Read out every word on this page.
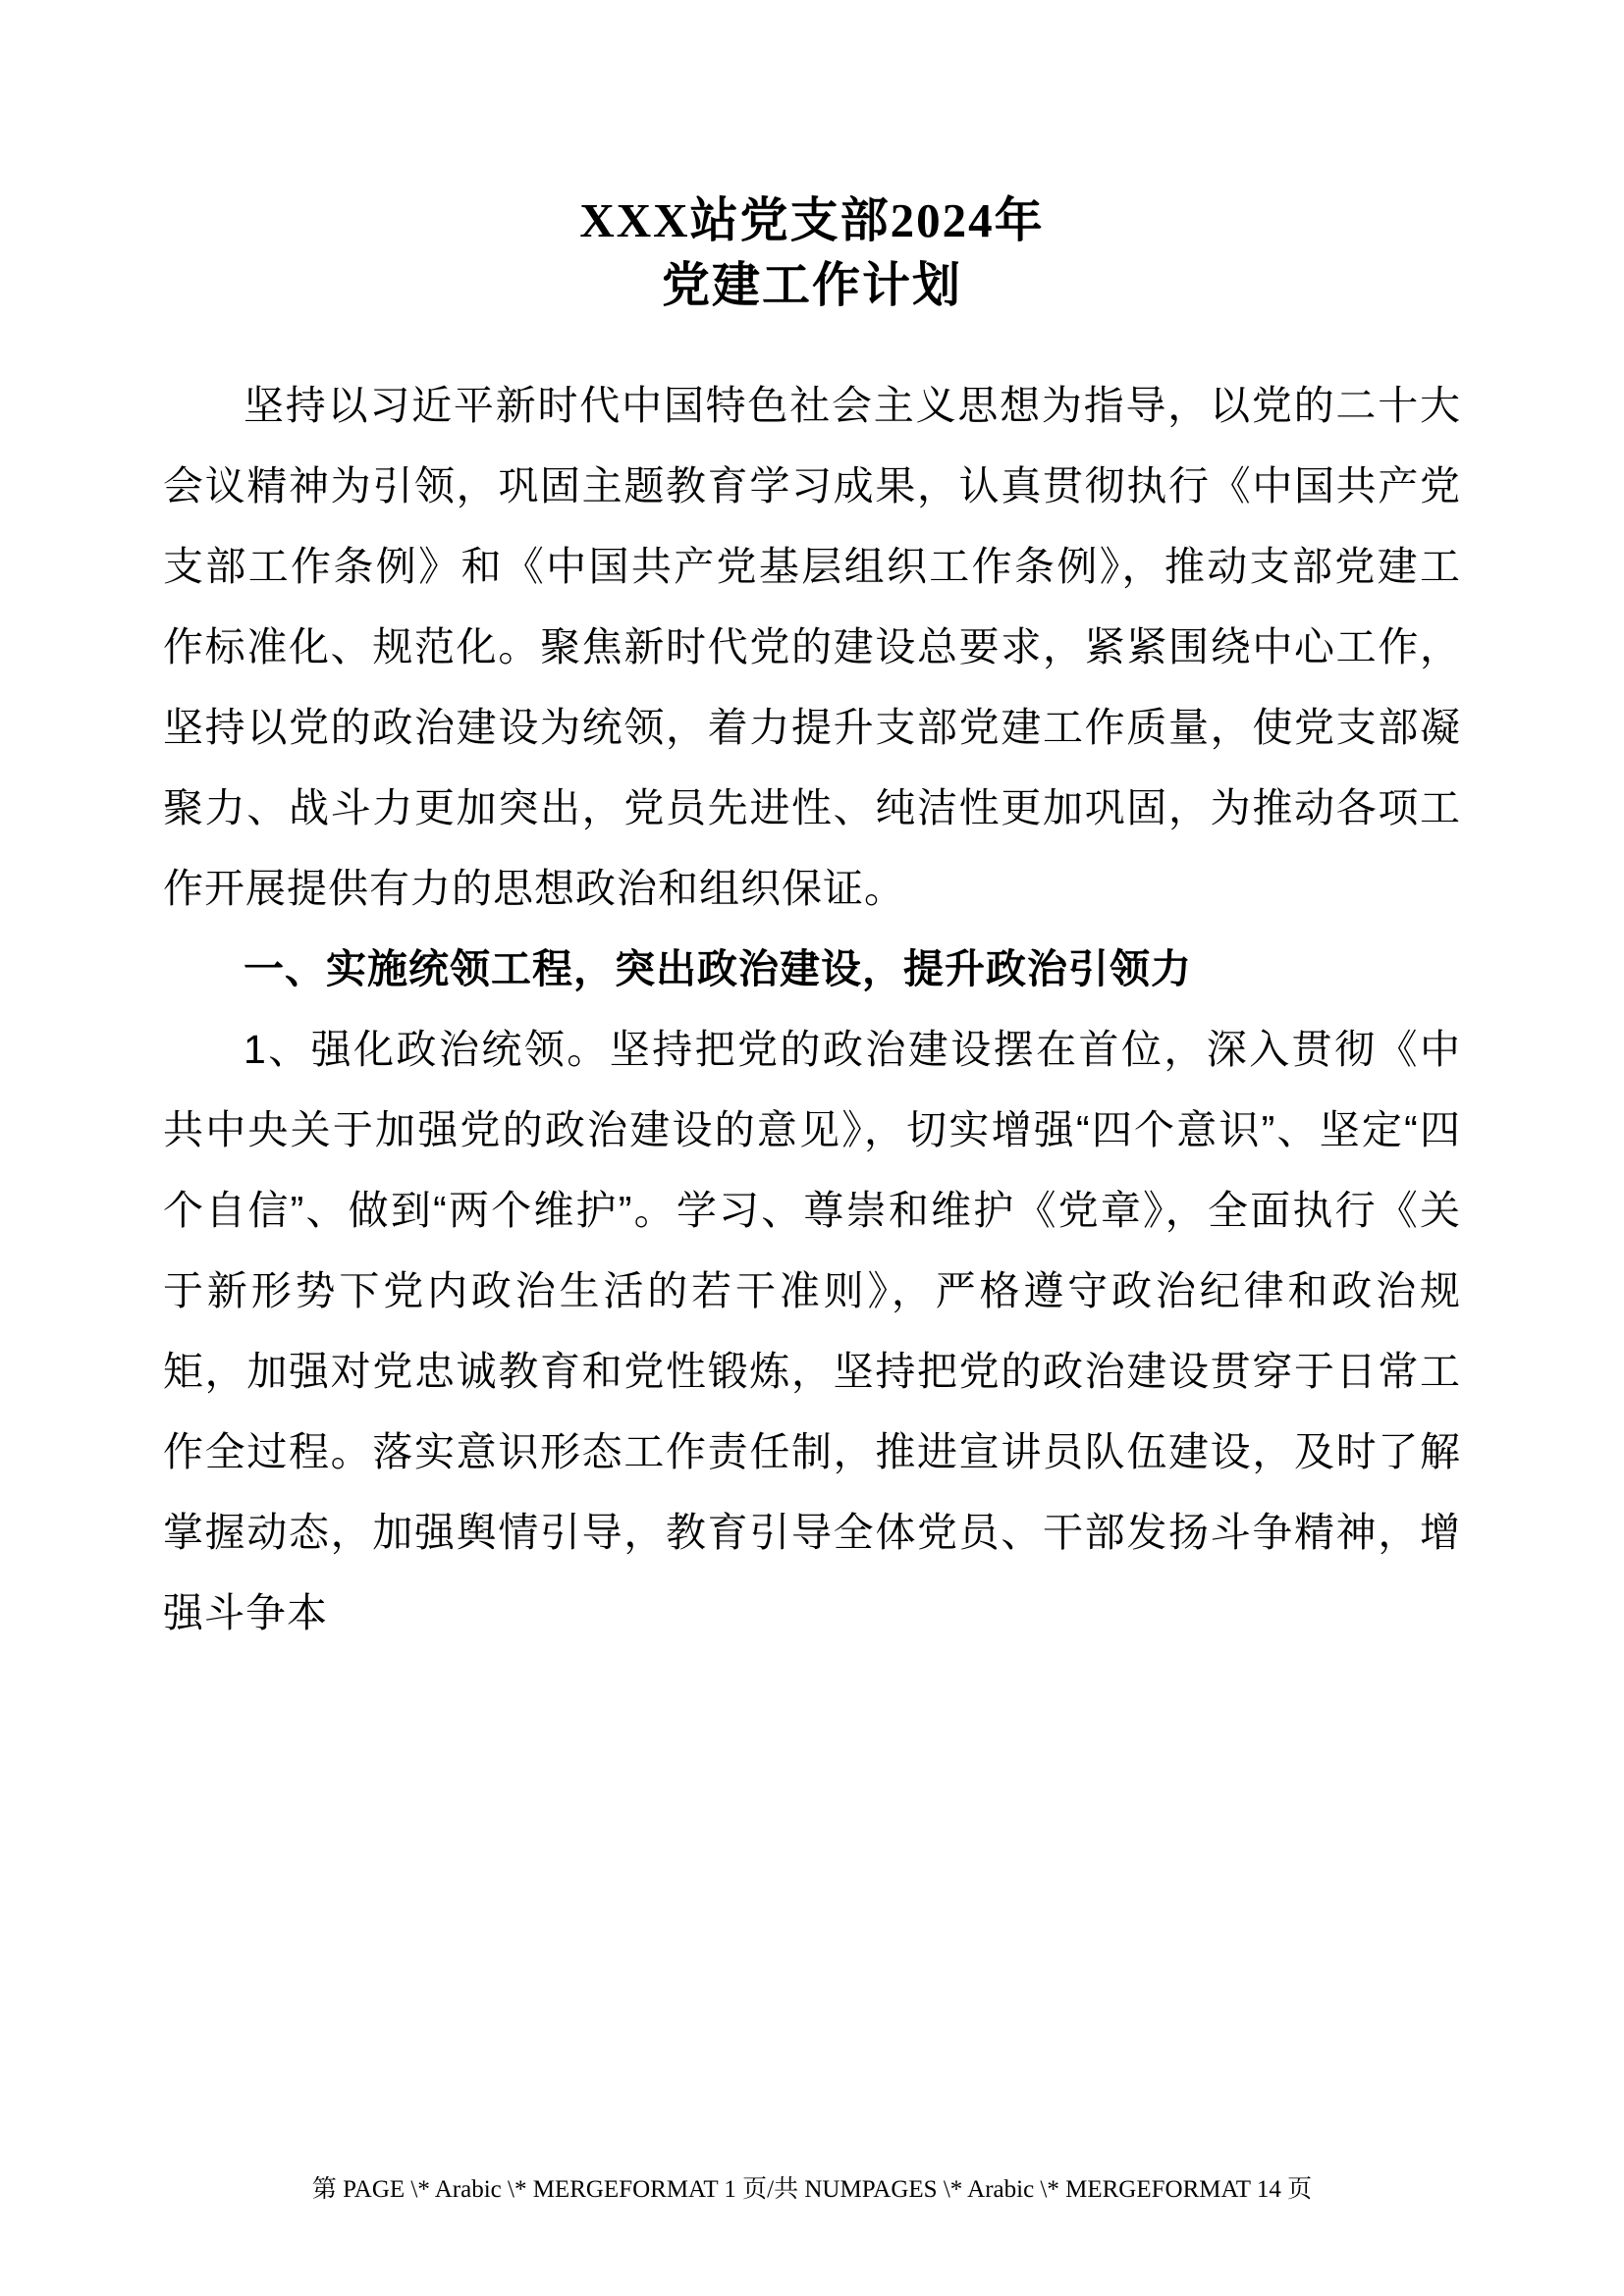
XXX站党支部2024年
党建工作计划

坚持以习近平新时代中国特色社会主义思想为指导，以党的二十大会议精神为引领，巩固主题教育学习成果，认真贯彻执行《中国共产党支部工作条例》和《中国共产党基层组织工作条例》，推动支部党建工作标准化、规范化。聚焦新时代党的建设总要求，紧紧围绕中心工作，坚持以党的政治建设为统领，着力提升支部党建工作质量，使党支部凝聚力、战斗力更加突出，党员先进性、纯洁性更加巩固，为推动各项工作开展提供有力的思想政治和组织保证。

一、实施统领工程，突出政治建设，提升政治引领力

1、强化政治统领。坚持把党的政治建设摆在首位，深入贯彻《中共中央关于加强党的政治建设的意见》，切实增强“四个意识”、坚定“四个自信”、做到“两个维护”。学习、尊崇和维护《党章》，全面执行《关于新形势下党内政治生活的若干准则》，严格遵守政治纪律和政治规矩，加强对党忠诚教育和党性锻炼，坚持把党的政治建设贯穿于日常工作全过程。落实意识形态工作责任制，推进宣讲员队伍建设，及时了解掌握动态，加强舆情引导，教育引导全体党员、干部发扬斗争精神，增强斗争本

第 PAGE \* Arabic \* MERGEFORMAT 1 页/共 NUMPAGES \* Arabic \* MERGEFORMAT 14 页
